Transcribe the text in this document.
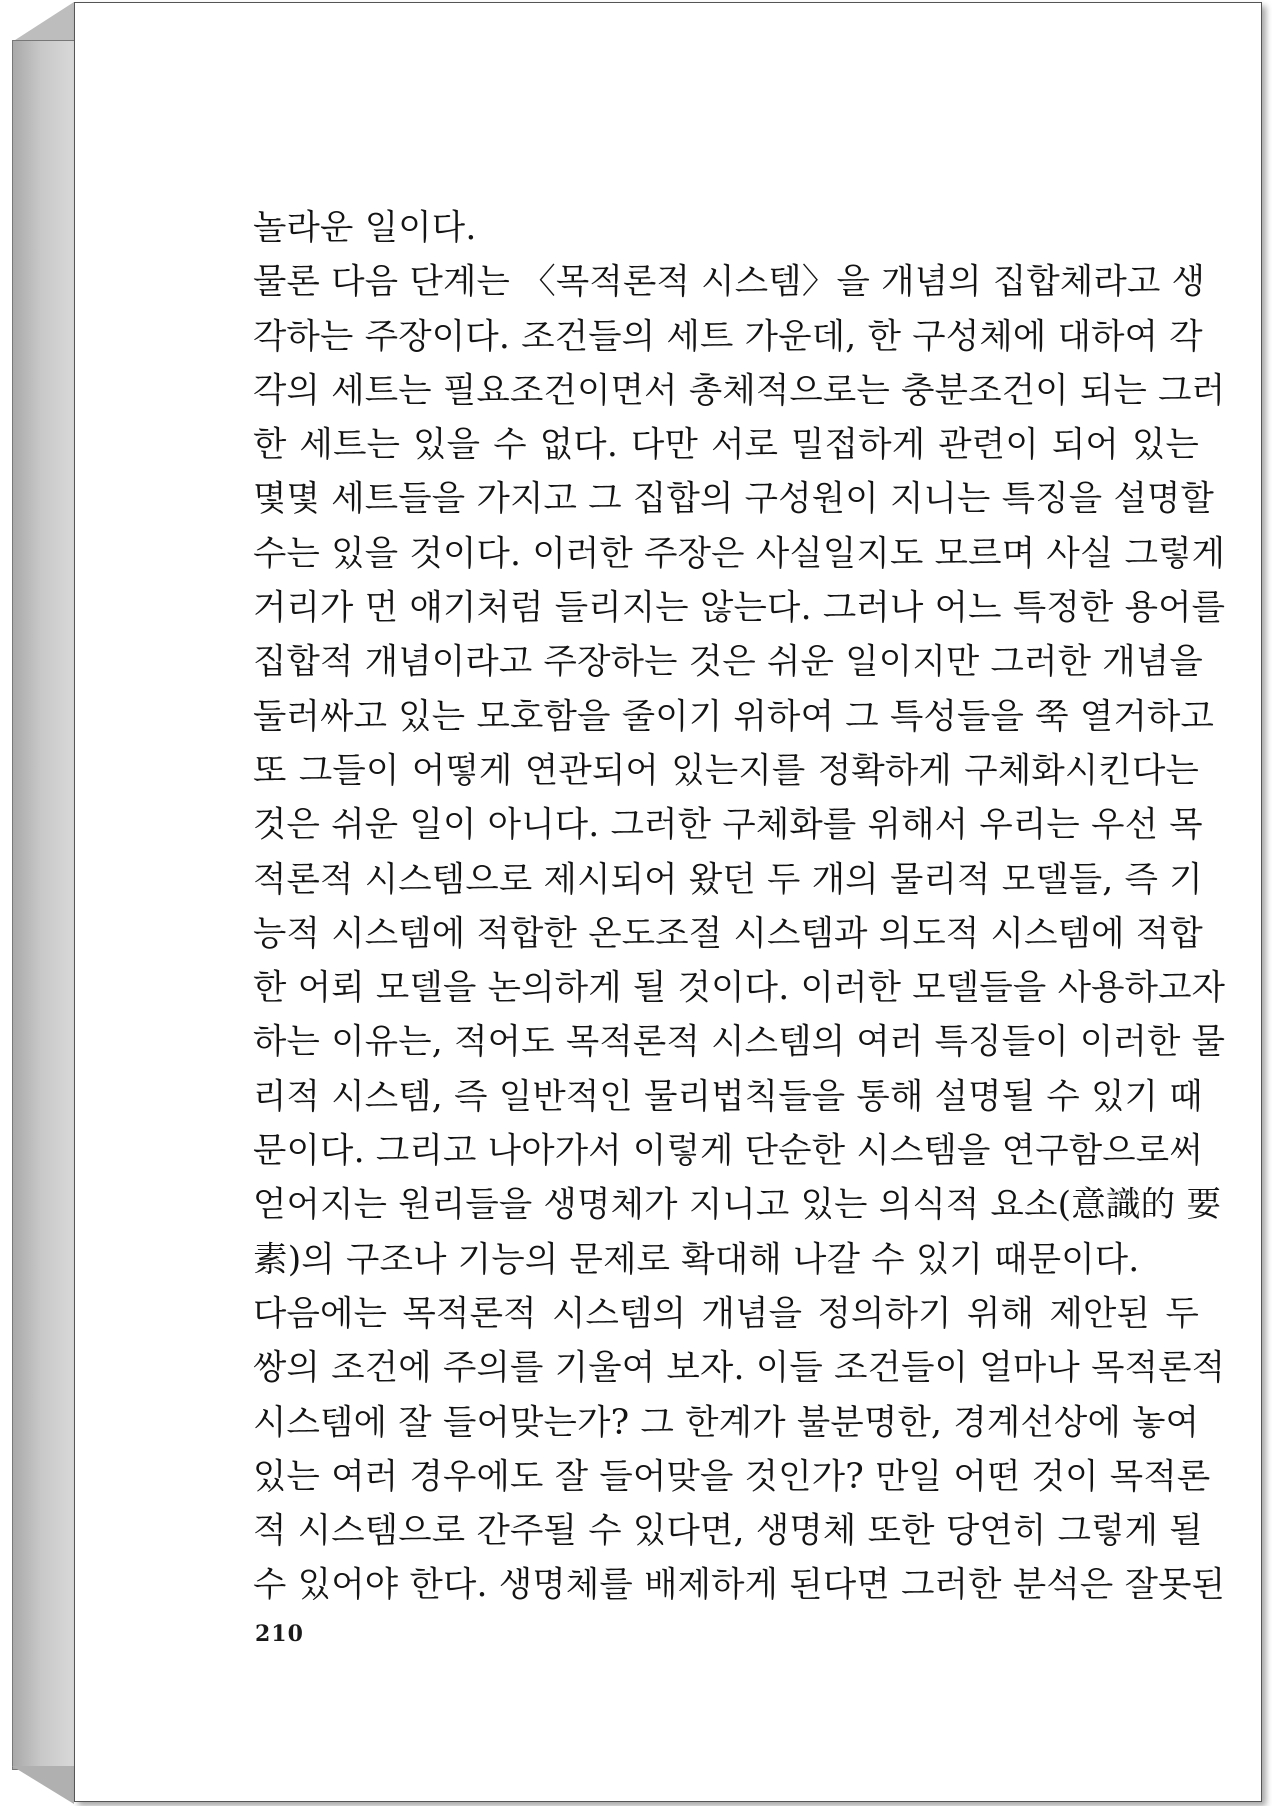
놀라운 일이다.
물론 다음 단계는 〈목적론적 시스템〉을 개념의 집합체라고 생
각하는 주장이다. 조건들의 세트 가운데, 한 구성체에 대하여 각
각의 세트는 필요조건이면서 총체적으로는 충분조건이 되는 그러
한 세트는 있을 수 없다. 다만 서로 밀접하게 관련이 되어 있는
몇몇 세트들을 가지고 그 집합의 구성원이 지니는 특징을 설명할
수는 있을 것이다. 이러한 주장은 사실일지도 모르며 사실 그렇게
거리가 먼 얘기처럼 들리지는 않는다. 그러나 어느 특정한 용어를
집합적 개념이라고 주장하는 것은 쉬운 일이지만 그러한 개념을
둘러싸고 있는 모호함을 줄이기 위하여 그 특성들을 쭉 열거하고
또 그들이 어떻게 연관되어 있는지를 정확하게 구체화시킨다는
것은 쉬운 일이 아니다. 그러한 구체화를 위해서 우리는 우선 목
적론적 시스템으로 제시되어 왔던 두 개의 물리적 모델들, 즉 기
능적 시스템에 적합한 온도조절 시스템과 의도적 시스템에 적합
한 어뢰 모델을 논의하게 될 것이다. 이러한 모델들을 사용하고자
하는 이유는, 적어도 목적론적 시스템의 여러 특징들이 이러한 물
리적 시스템, 즉 일반적인 물리법칙들을 통해 설명될 수 있기 때
문이다. 그리고 나아가서 이렇게 단순한 시스템을 연구함으로써
얻어지는 원리들을 생명체가 지니고 있는 의식적 요소(意識的 要
素)의 구조나 기능의 문제로 확대해 나갈 수 있기 때문이다.
다음에는 목적론적 시스템의 개념을 정의하기 위해 제안된 두
쌍의 조건에 주의를 기울여 보자. 이들 조건들이 얼마나 목적론적
시스템에 잘 들어맞는가? 그 한계가 불분명한, 경계선상에 놓여
있는 여러 경우에도 잘 들어맞을 것인가? 만일 어떤 것이 목적론
적 시스템으로 간주될 수 있다면, 생명체 또한 당연히 그렇게 될
수 있어야 한다. 생명체를 배제하게 된다면 그러한 분석은 잘못된
210
